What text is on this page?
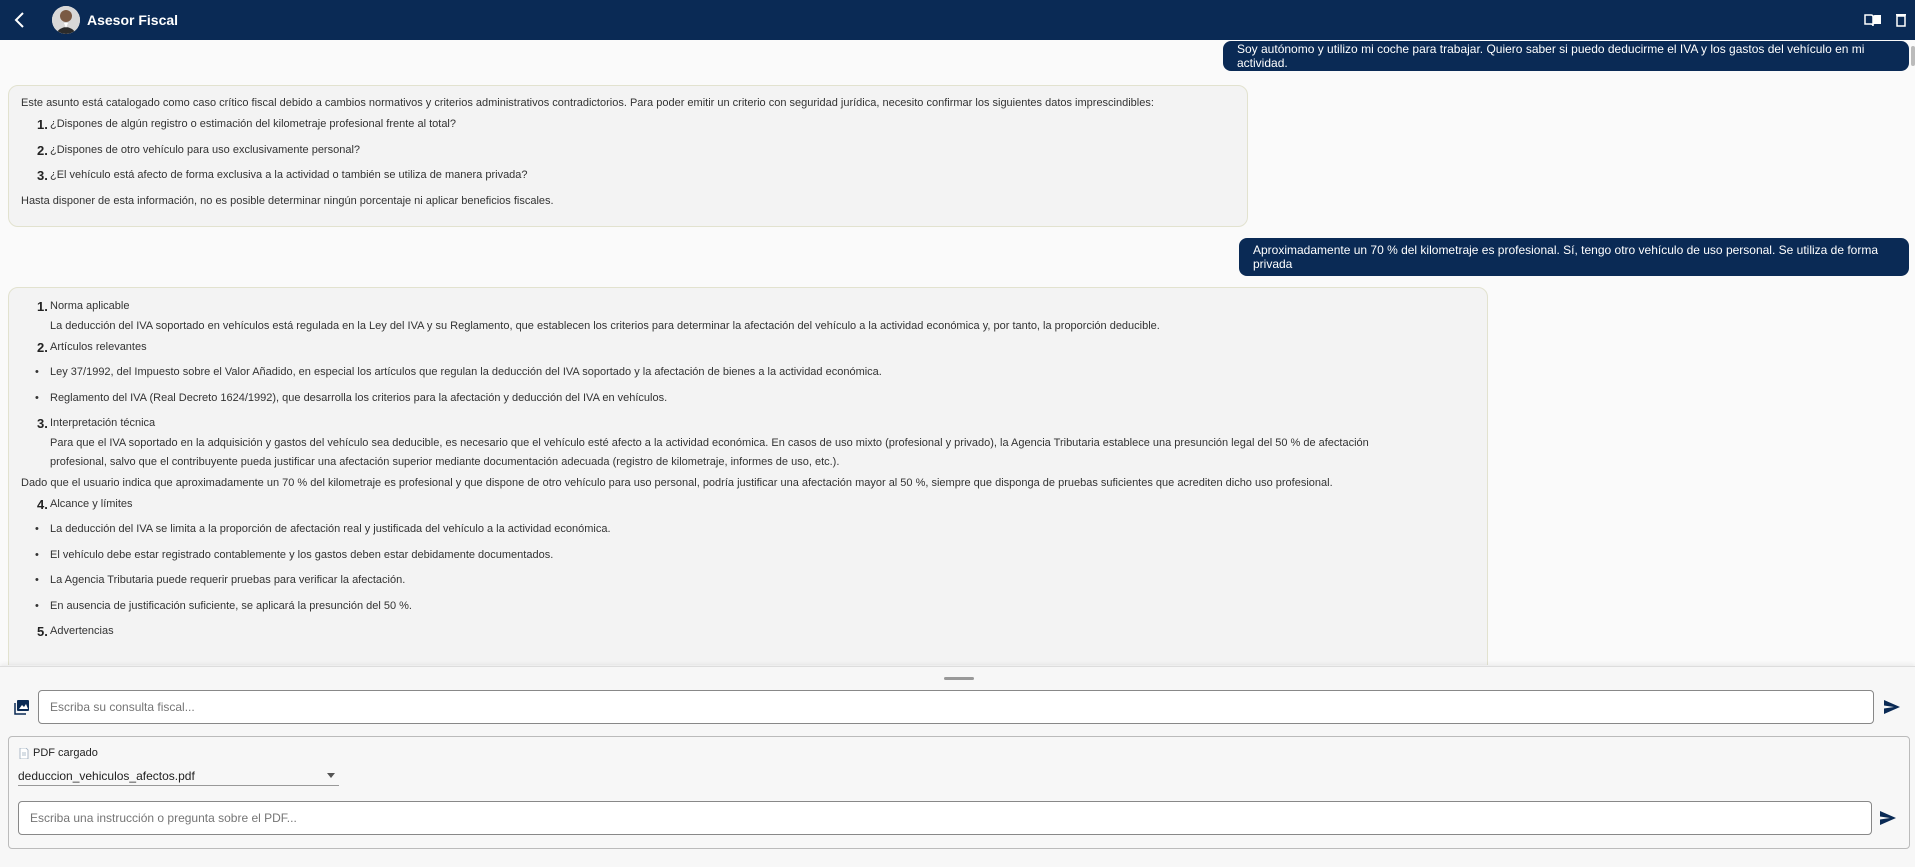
Asesor Fiscal
Soy autónomo y utilizo mi coche para trabajar. Quiero saber si puedo deducirme el IVA y los gastos del vehículo en mi actividad.

Este asunto está catalogado como caso crítico fiscal debido a cambios normativos y criterios administrativos contradictorios. Para poder emitir un criterio con seguridad jurídica, necesito confirmar los siguientes datos imprescindibles:

1. ¿Dispones de algún registro o estimación del kilometraje profesional frente al total?
2. ¿Dispones de otro vehículo para uso exclusivamente personal?
3. ¿El vehículo está afecto de forma exclusiva a la actividad o también se utiliza de manera privada?

Hasta disponer de esta información, no es posible determinar ningún porcentaje ni aplicar beneficios fiscales.

Aproximadamente un 70 % del kilometraje es profesional. Sí, tengo otro vehículo de uso personal. Se utiliza de forma privada
1. Norma aplicable
La deducción del IVA soportado en vehículos está regulada en la Ley del IVA y su Reglamento, que establecen los criterios para determinar la afectación del vehículo a la actividad económica y, por tanto, la proporción deducible.
2. Artículos relevantes
• Ley 37/1992, del Impuesto sobre el Valor Añadido, en especial los artículos que regulan la deducción del IVA soportado y la afectación de bienes a la actividad económica.
• Reglamento del IVA (Real Decreto 1624/1992), que desarrolla los criterios para la afectación y deducción del IVA en vehículos.
3. Interpretación técnica
Para que el IVA soportado en la adquisición y gastos del vehículo sea deducible, es necesario que el vehículo esté afecto a la actividad económica. En casos de uso mixto (profesional y privado), la Agencia Tributaria establece una presunción legal del 50 % de afectación
profesional, salvo que el contribuyente pueda justificar una afectación superior mediante documentación adecuada (registro de kilometraje, informes de uso, etc.).

Dado que el usuario indica que aproximadamente un 70 % del kilometraje es profesional y que dispone de otro vehículo para uso personal, podría justificar una afectación mayor al 50 %, siempre que disponga de pruebas suficientes que acrediten dicho uso profesional.

4. Alcance y límites
• La deducción del IVA se limita a la proporción de afectación real y justificada del vehículo a la actividad económica.
• El vehículo debe estar registrado contablemente y los gastos deben estar debidamente documentados.
• La Agencia Tributaria puede requerir pruebas para verificar la afectación.
• En ausencia de justificación suficiente, se aplicará la presunción del 50 %.
5. Advertencias
Escriba su consulta fiscal...
PDF cargado
deduccion_vehiculos_afectos.pdf
Escriba una instrucción o pregunta sobre el PDF...
